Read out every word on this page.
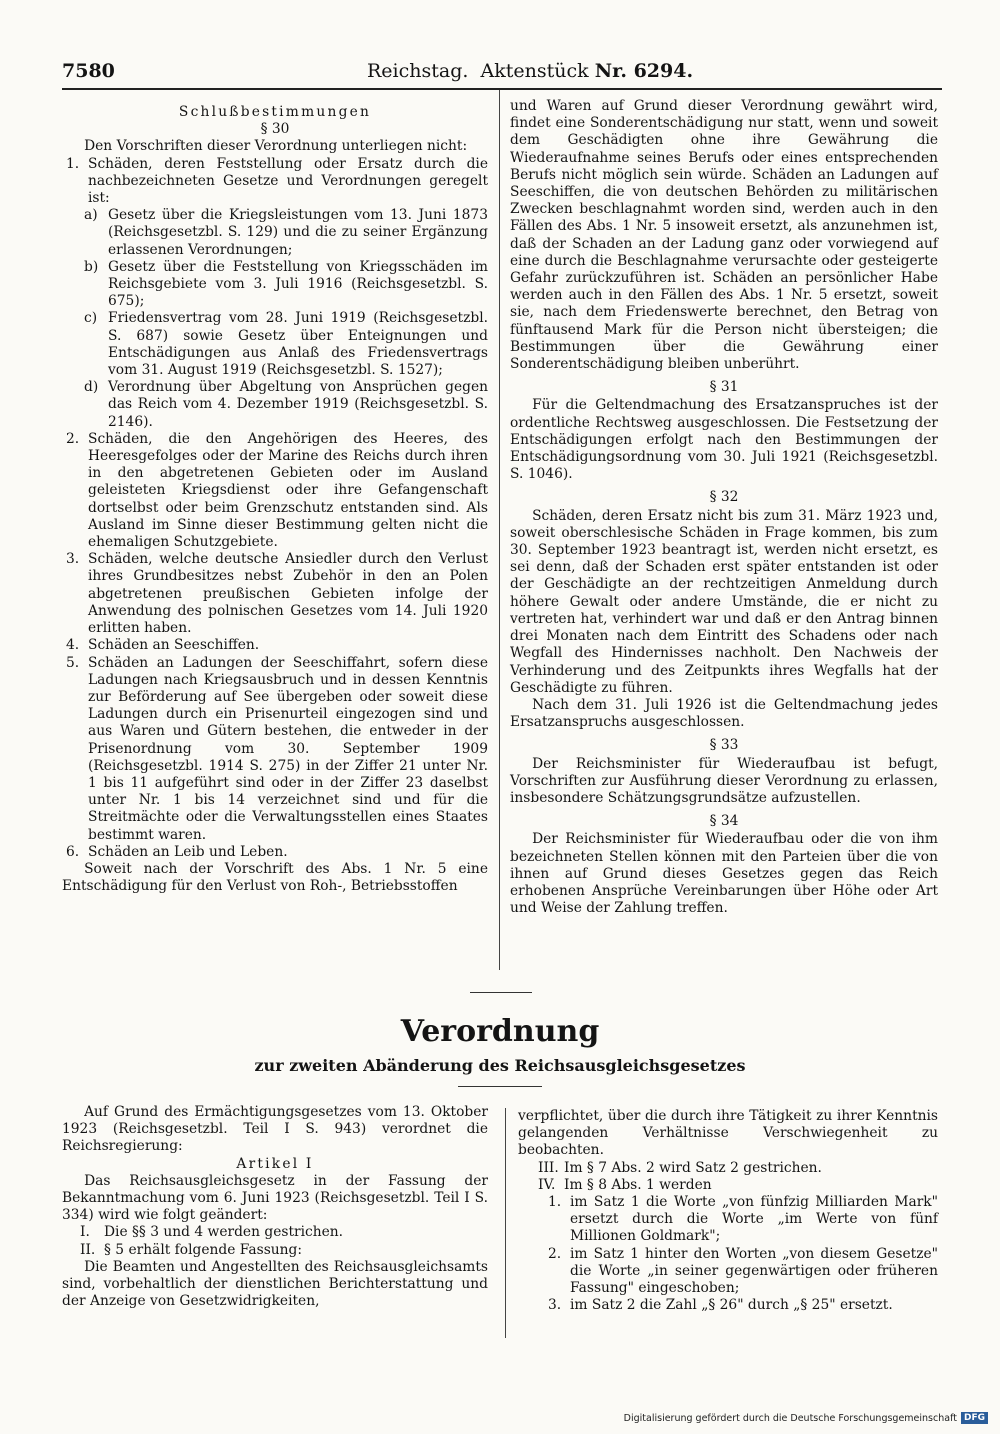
7580	Reichstag. Aktenstück Nr. 6294.

Schlußbestimmungen

§ 30

Den Vorschriften dieser Verordnung unterliegen nicht:

1. Schäden, deren Feststellung oder Ersatz durch die nachbezeichneten Gesetze und Verordnungen geregelt ist:

a) Gesetz über die Kriegsleistungen vom 13. Juni 1873 (Reichsgesetzbl. S. 129) und die zu seiner Ergänzung erlassenen Verordnungen;

b) Gesetz über die Feststellung von Kriegsschäden im Reichsgebiete vom 3. Juli 1916 (Reichsgesetzbl. S. 675);

c) Friedensvertrag vom 28. Juni 1919 (Reichsgesetzbl. S. 687) sowie Gesetz über Enteignungen und Entschädigungen aus Anlaß des Friedensvertrags vom 31. August 1919 (Reichsgesetzbl. S. 1527);

d) Verordnung über Abgeltung von Ansprüchen gegen das Reich vom 4. Dezember 1919 (Reichsgesetzbl. S. 2146).

2. Schäden, die den Angehörigen des Heeres, des Heeresgefolges oder der Marine des Reichs durch ihren in den abgetretenen Gebieten oder im Ausland geleisteten Kriegsdienst oder ihre Gefangenschaft dortselbst oder beim Grenzschutz entstanden sind. Als Ausland im Sinne dieser Bestimmung gelten nicht die ehemaligen Schutzgebiete.

3. Schäden, welche deutsche Ansiedler durch den Verlust ihres Grundbesitzes nebst Zubehör in den an Polen abgetretenen preußischen Gebieten infolge der Anwendung des polnischen Gesetzes vom 14. Juli 1920 erlitten haben.

4. Schäden an Seeschiffen.

5. Schäden an Ladungen der Seeschiffahrt, sofern diese Ladungen nach Kriegsausbruch und in dessen Kenntnis zur Beförderung auf See übergeben oder soweit diese Ladungen durch ein Prisenurteil eingezogen sind und aus Waren und Gütern bestehen, die entweder in der Prisenordnung vom 30. September 1909 (Reichsgesetzbl. 1914 S. 275) in der Ziffer 21 unter Nr. 1 bis 11 aufgeführt sind oder in der Ziffer 23 daselbst unter Nr. 1 bis 14 verzeichnet sind und für die Streitmächte oder die Verwaltungsstellen eines Staates bestimmt waren.

6. Schäden an Leib und Leben.

Soweit nach der Vorschrift des Abs. 1 Nr. 5 eine Entschädigung für den Verlust von Roh-, Betriebsstoffen

und Waren auf Grund dieser Verordnung gewährt wird, findet eine Sonderentschädigung nur statt, wenn und soweit dem Geschädigten ohne ihre Gewährung die Wiederaufnahme seines Berufs oder eines entsprechenden Berufs nicht möglich sein würde. Schäden an Ladungen auf Seeschiffen, die von deutschen Behörden zu militärischen Zwecken beschlagnahmt worden sind, werden auch in den Fällen des Abs. 1 Nr. 5 insoweit ersetzt, als anzunehmen ist, daß der Schaden an der Ladung ganz oder vorwiegend auf eine durch die Beschlagnahme verursachte oder gesteigerte Gefahr zurückzuführen ist. Schäden an persönlicher Habe werden auch in den Fällen des Abs. 1 Nr. 5 ersetzt, soweit sie, nach dem Friedenswerte berechnet, den Betrag von fünftausend Mark für die Person nicht übersteigen; die Bestimmungen über die Gewährung einer Sonderentschädigung bleiben unberührt.

§ 31

Für die Geltendmachung des Ersatzanspruches ist der ordentliche Rechtsweg ausgeschlossen. Die Festsetzung der Entschädigungen erfolgt nach den Bestimmungen der Entschädigungsordnung vom 30. Juli 1921 (Reichsgesetzbl. S. 1046).

§ 32

Schäden, deren Ersatz nicht bis zum 31. März 1923 und, soweit oberschlesische Schäden in Frage kommen, bis zum 30. September 1923 beantragt ist, werden nicht ersetzt, es sei denn, daß der Schaden erst später entstanden ist oder der Geschädigte an der rechtzeitigen Anmeldung durch höhere Gewalt oder andere Umstände, die er nicht zu vertreten hat, verhindert war und daß er den Antrag binnen drei Monaten nach dem Eintritt des Schadens oder nach Wegfall des Hindernisses nachholt. Den Nachweis der Verhinderung und des Zeitpunkts ihres Wegfalls hat der Geschädigte zu führen.

Nach dem 31. Juli 1926 ist die Geltendmachung jedes Ersatzanspruchs ausgeschlossen.

§ 33

Der Reichsminister für Wiederaufbau ist befugt, Vorschriften zur Ausführung dieser Verordnung zu erlassen, insbesondere Schätzungsgrundsätze aufzustellen.

§ 34

Der Reichsminister für Wiederaufbau oder die von ihm bezeichneten Stellen können mit den Parteien über die von ihnen auf Grund dieses Gesetzes gegen das Reich erhobenen Ansprüche Vereinbarungen über Höhe oder Art und Weise der Zahlung treffen.

Verordnung
zur zweiten Abänderung des Reichsausgleichsgesetzes

Auf Grund des Ermächtigungsgesetzes vom 13. Oktober 1923 (Reichsgesetzbl. Teil I S. 943) verordnet die Reichsregierung:

Artikel I

Das Reichsausgleichsgesetz in der Fassung der Bekanntmachung vom 6. Juni 1923 (Reichsgesetzbl. Teil I S. 334) wird wie folgt geändert:

I. Die §§ 3 und 4 werden gestrichen.

II. § 5 erhält folgende Fassung:

Die Beamten und Angestellten des Reichsausgleichsamts sind, vorbehaltlich der dienstlichen Berichterstattung und der Anzeige von Gesetzwidrigkeiten,

verpflichtet, über die durch ihre Tätigkeit zu ihrer Kenntnis gelangenden Verhältnisse Verschwiegenheit zu beobachten.

III. Im § 7 Abs. 2 wird Satz 2 gestrichen.

IV. Im § 8 Abs. 1 werden

1. im Satz 1 die Worte „von fünfzig Milliarden Mark" ersetzt durch die Worte „im Werte von fünf Millionen Goldmark";

2. im Satz 1 hinter den Worten „von diesem Gesetze" die Worte „in seiner gegenwärtigen oder früheren Fassung" eingeschoben;

3. im Satz 2 die Zahl „§ 26" durch „§ 25" ersetzt.

Digitalisierung gefördert durch die Deutsche Forschungsgemeinschaft DFG
